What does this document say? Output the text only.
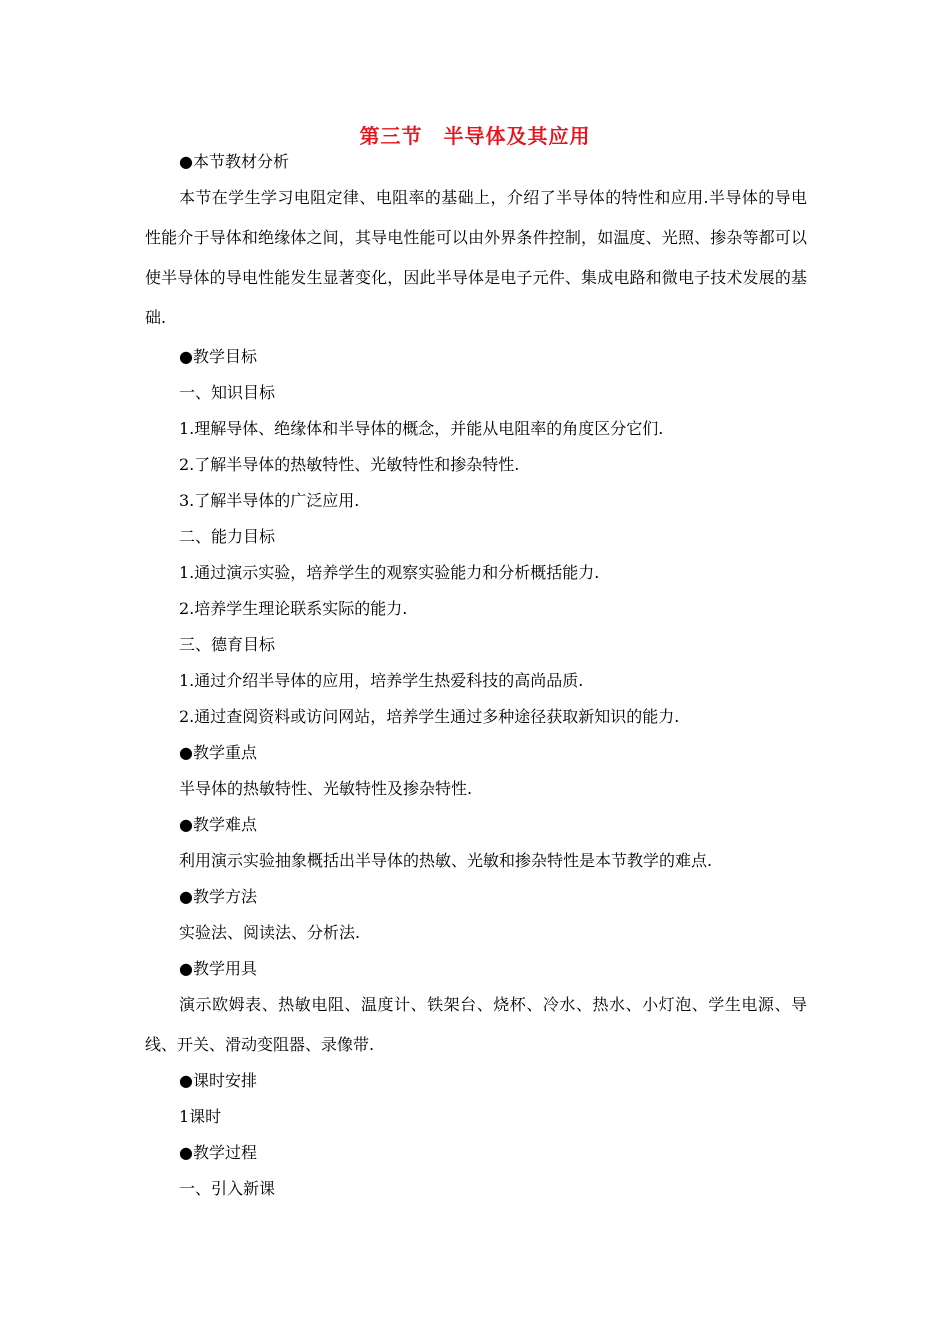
第三节　半导体及其应用
●本节教材分析
本节在学生学习电阻定律、电阻率的基础上，介绍了半导体的特性和应用.半导体的导电性能介于导体和绝缘体之间，其导电性能可以由外界条件控制，如温度、光照、掺杂等都可以使半导体的导电性能发生显著变化，因此半导体是电子元件、集成电路和微电子技术发展的基础.
●教学目标
一、知识目标
1.理解导体、绝缘体和半导体的概念，并能从电阻率的角度区分它们.
2.了解半导体的热敏特性、光敏特性和掺杂特性.
3.了解半导体的广泛应用.
二、能力目标
1.通过演示实验，培养学生的观察实验能力和分析概括能力.
2.培养学生理论联系实际的能力.
三、德育目标
1.通过介绍半导体的应用，培养学生热爱科技的高尚品质.
2.通过查阅资料或访问网站，培养学生通过多种途径获取新知识的能力.
●教学重点
半导体的热敏特性、光敏特性及掺杂特性.
●教学难点
利用演示实验抽象概括出半导体的热敏、光敏和掺杂特性是本节教学的难点.
●教学方法
实验法、阅读法、分析法.
●教学用具
演示欧姆表、热敏电阻、温度计、铁架台、烧杯、冷水、热水、小灯泡、学生电源、导线、开关、滑动变阻器、录像带.
●课时安排
1课时
●教学过程
一、引入新课
